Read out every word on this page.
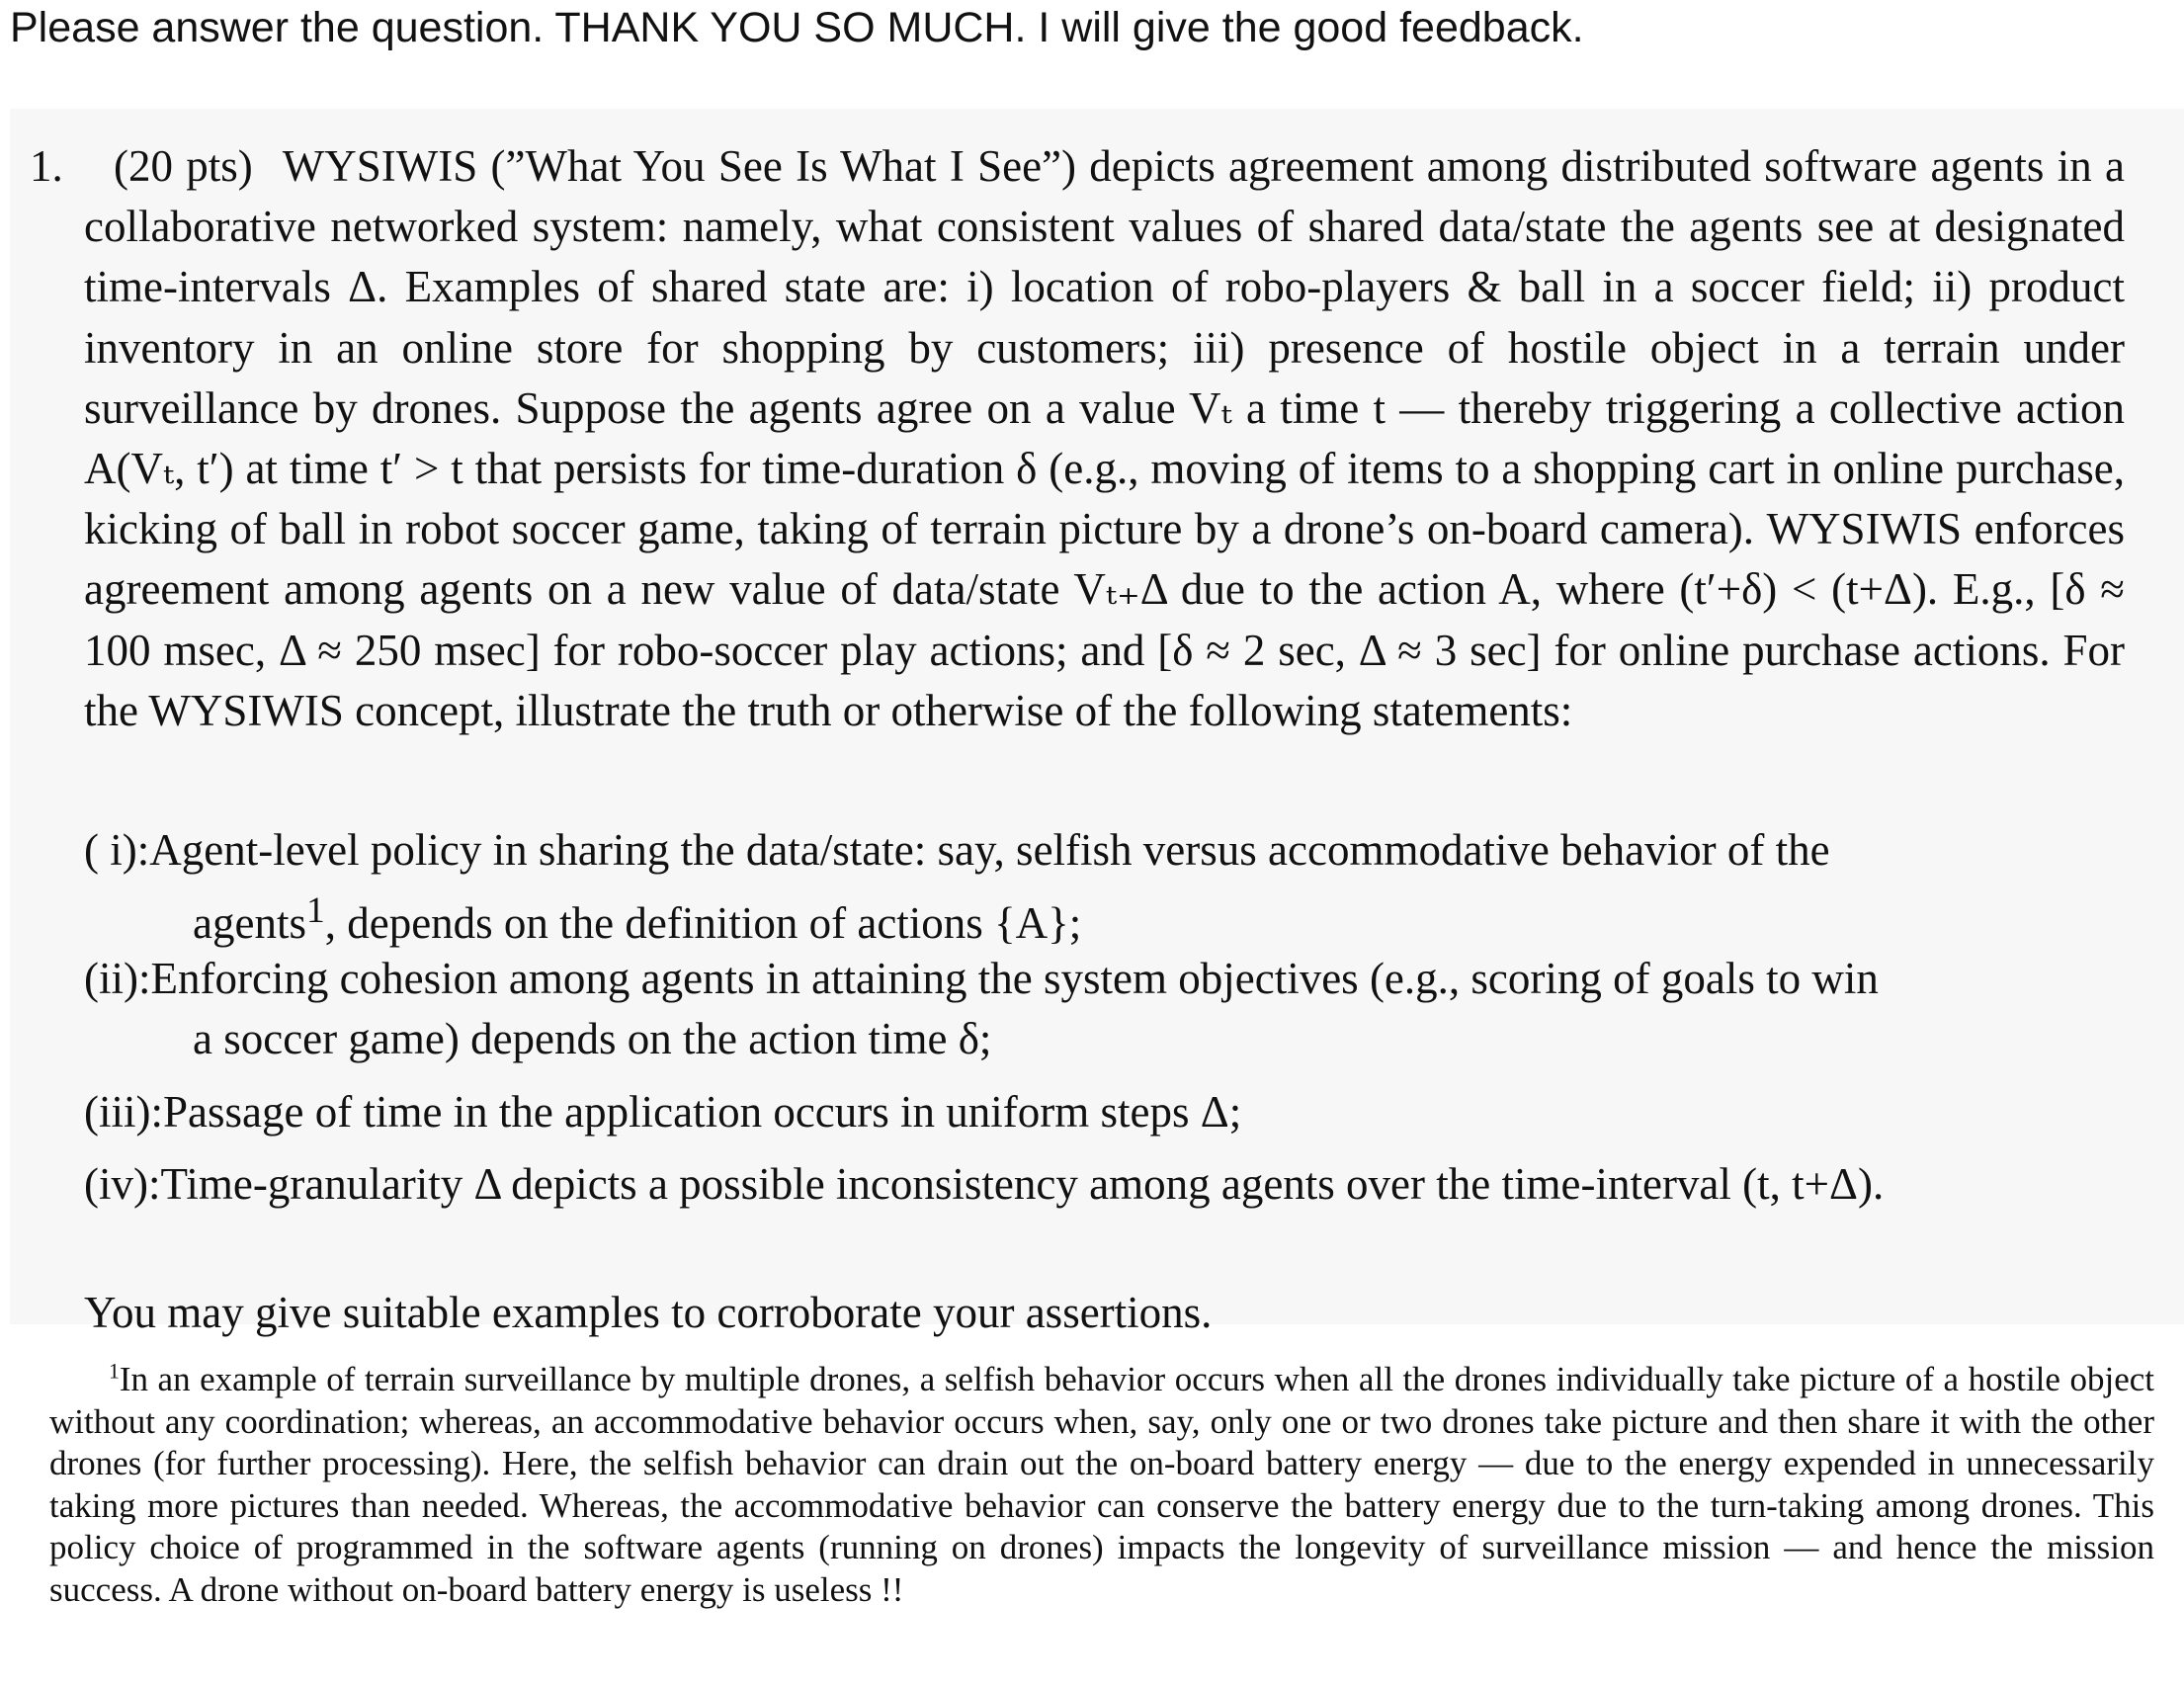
Please answer the question. THANK YOU SO MUCH. I will give the good feedback.
1.	(20 pts) WYSIWIS (”What You See Is What I See”) depicts agreement among distributed software agents in a collaborative networked system: namely, what consistent values of shared data/state the agents see at designated time-intervals Δ. Examples of shared state are: i) location of robo-players & ball in a soccer field; ii) product inventory in an online store for shopping by customers; iii) presence of hostile object in a terrain under surveillance by drones. Suppose the agents agree on a value Vₜ a time t — thereby triggering a collective action A(Vₜ, t′) at time t′ > t that persists for time-duration δ (e.g., moving of items to a shopping cart in online purchase, kicking of ball in robot soccer game, taking of terrain picture by a drone’s on-board camera). WYSIWIS enforces agreement among agents on a new value of data/state Vₜ₊Δ due to the action A, where (t′+δ) < (t+Δ). E.g., [δ ≈ 100 msec, Δ ≈ 250 msec] for robo-soccer play actions; and [δ ≈ 2 sec, Δ ≈ 3 sec] for online purchase actions. For the WYSIWIS concept, illustrate the truth or otherwise of the following statements:
( i):Agent-level policy in sharing the data/state: say, selfish versus accommodative behavior of the
agents$^1$, depends on the definition of actions {A};
(ii):Enforcing cohesion among agents in attaining the system objectives (e.g., scoring of goals to win
a soccer game) depends on the action time δ;
(iii):Passage of time in the application occurs in uniform steps Δ;
(iv):Time-granularity Δ depicts a possible inconsistency among agents over the time-interval (t, t+Δ).
You may give suitable examples to corroborate your assertions.
$^1$In an example of terrain surveillance by multiple drones, a selfish behavior occurs when all the drones individually take picture of a hostile object without any coordination; whereas, an accommodative behavior occurs when, say, only one or two drones take picture and then share it with the other drones (for further processing). Here, the selfish behavior can drain out the on-board battery energy — due to the energy expended in unnecessarily taking more pictures than needed. Whereas, the accommodative behavior can conserve the battery energy due to the turn-taking among drones. This policy choice of programmed in the software agents (running on drones) impacts the longevity of surveillance mission — and hence the mission success. A drone without on-board battery energy is useless !!
